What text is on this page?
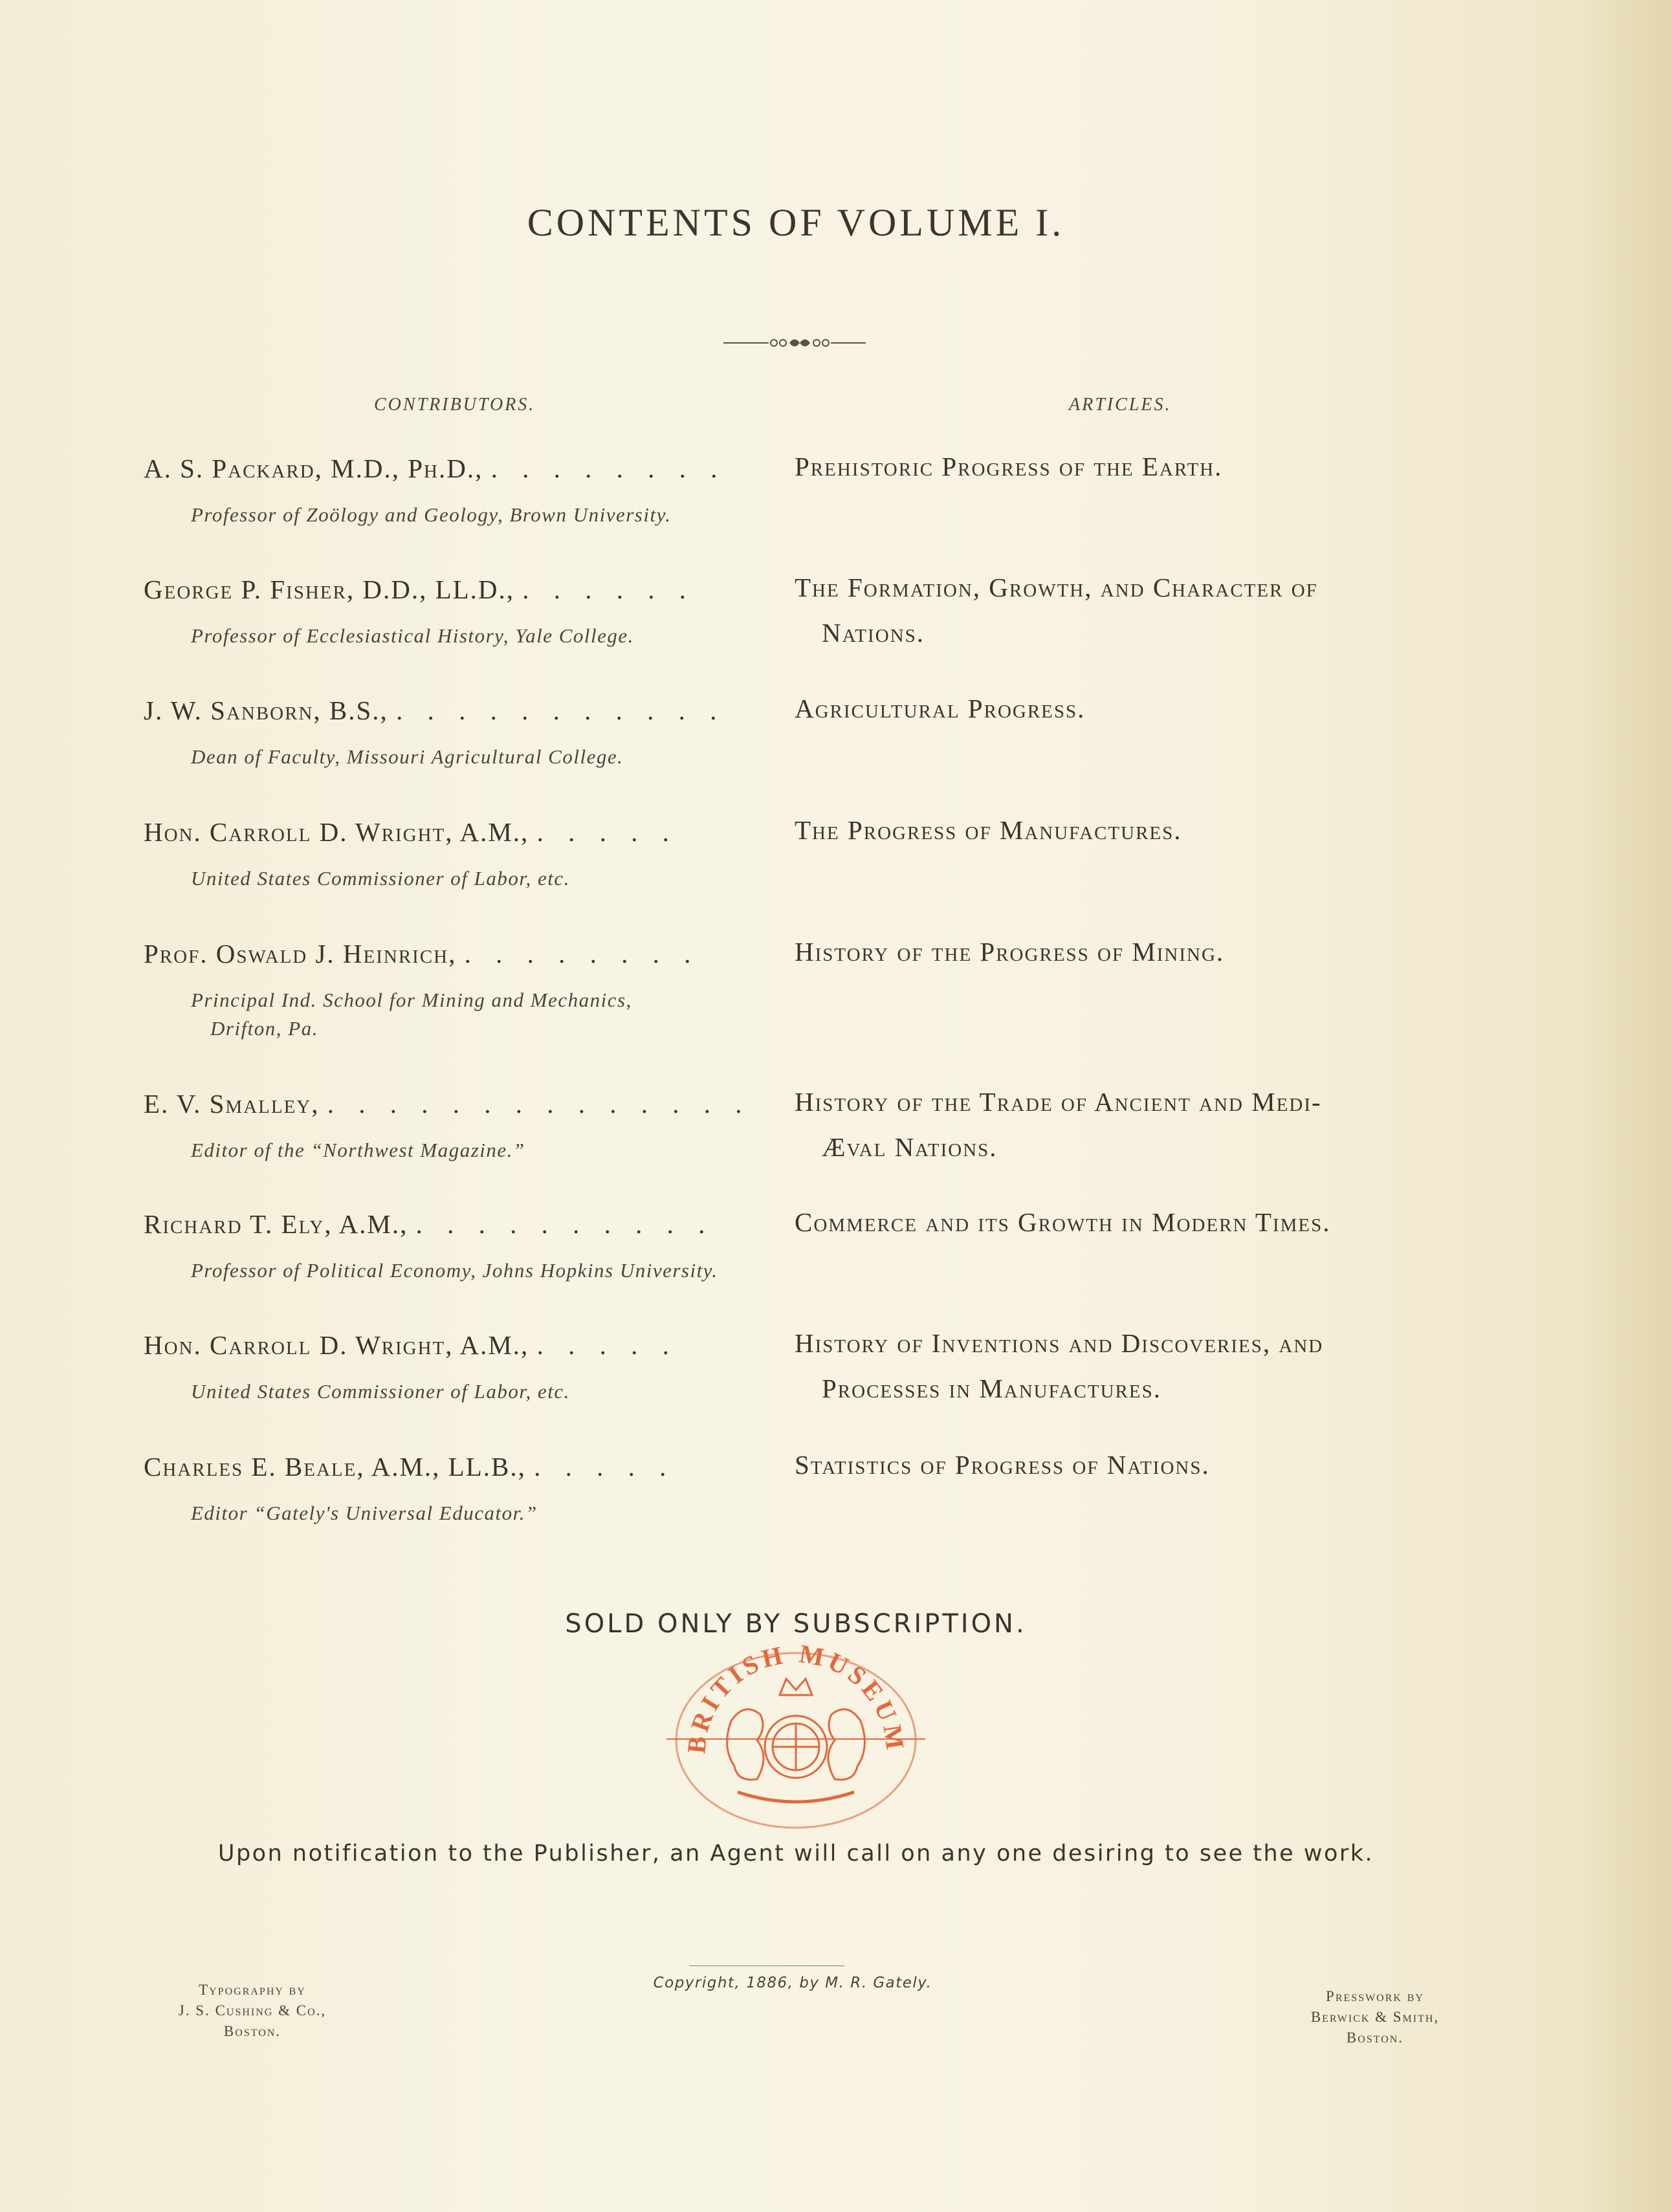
CONTENTS OF VOLUME I.
CONTRIBUTORS.	ARTICLES.
A. S. Packard, M.D., Ph.D., . . . . . . . .
Professor of Zoölogy and Geology, Brown University.
Prehistoric Progress of the Earth.
George P. Fisher, D.D., LL.D., . . . . . .
Professor of Ecclesiastical History, Yale College.
The Formation, Growth, and Character of
Nations.
J. W. Sanborn, B.S., . . . . . . . . . . .
Dean of Faculty, Missouri Agricultural College.
Agricultural Progress.
Hon. Carroll D. Wright, A.M., . . . . .
United States Commissioner of Labor, etc.
The Progress of Manufactures.
Prof. Oswald J. Heinrich, . . . . . . . .
Principal Ind. School for Mining and Mechanics,
Drifton, Pa.
History of the Progress of Mining.
E. V. Smalley, . . . . . . . . . . . . . .
Editor of the “Northwest Magazine.”
History of the Trade of Ancient and Medi-
Æval Nations.
Richard T. Ely, A.M., . . . . . . . . . .
Professor of Political Economy, Johns Hopkins University.
Commerce and its Growth in Modern Times.
Hon. Carroll D. Wright, A.M., . . . . .
United States Commissioner of Labor, etc.
History of Inventions and Discoveries, and
Processes in Manufactures.
Charles E. Beale, A.M., LL.B., . . . . .
Editor “Gately's Universal Educator.”
Statistics of Progress of Nations.
SOLD ONLY BY SUBSCRIPTION.
BRITISH MUSEUM
Upon notification to the Publisher, an Agent will call on any one desiring to see the work.
Typography by
J. S. Cushing & Co.,
Boston.
Copyright, 1886, by M. R. Gately.
Presswork by
Berwick & Smith,
Boston.
